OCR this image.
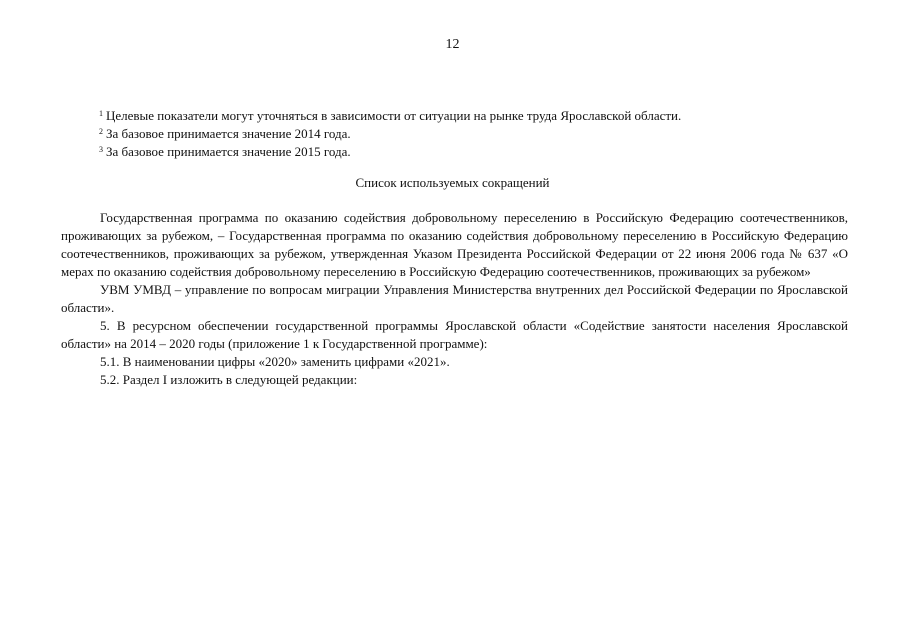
12
$^1$ Целевые показатели могут уточняться в зависимости от ситуации на рынке труда Ярославской области.
$^2$ За базовое принимается значение 2014 года.
$^3$ За базовое принимается значение 2015 года.
Список используемых сокращений

Государственная программа по оказанию содействия добровольному переселению в Российскую Федерацию соотечественников, проживающих за рубежом, – Государственная программа по оказанию содействия добровольному переселению в Российскую Федерацию соотечественников, проживающих за рубежом, утвержденная Указом Президента Российской Федерации от 22 июня 2006 года № 637 «О мерах по оказанию содействия добровольному переселению в Российскую Федерацию соотечественников, проживающих за рубежом»

УВМ УМВД – управление по вопросам миграции Управления Министерства внутренних дел Российской Федерации по Ярославской области».

5. В ресурсном обеспечении государственной программы Ярославской области «Содействие занятости населения Ярославской области» на 2014 – 2020 годы (приложение 1 к Государственной программе):

5.1. В наименовании цифры «2020» заменить цифрами «2021».

5.2. Раздел I изложить в следующей редакции:
